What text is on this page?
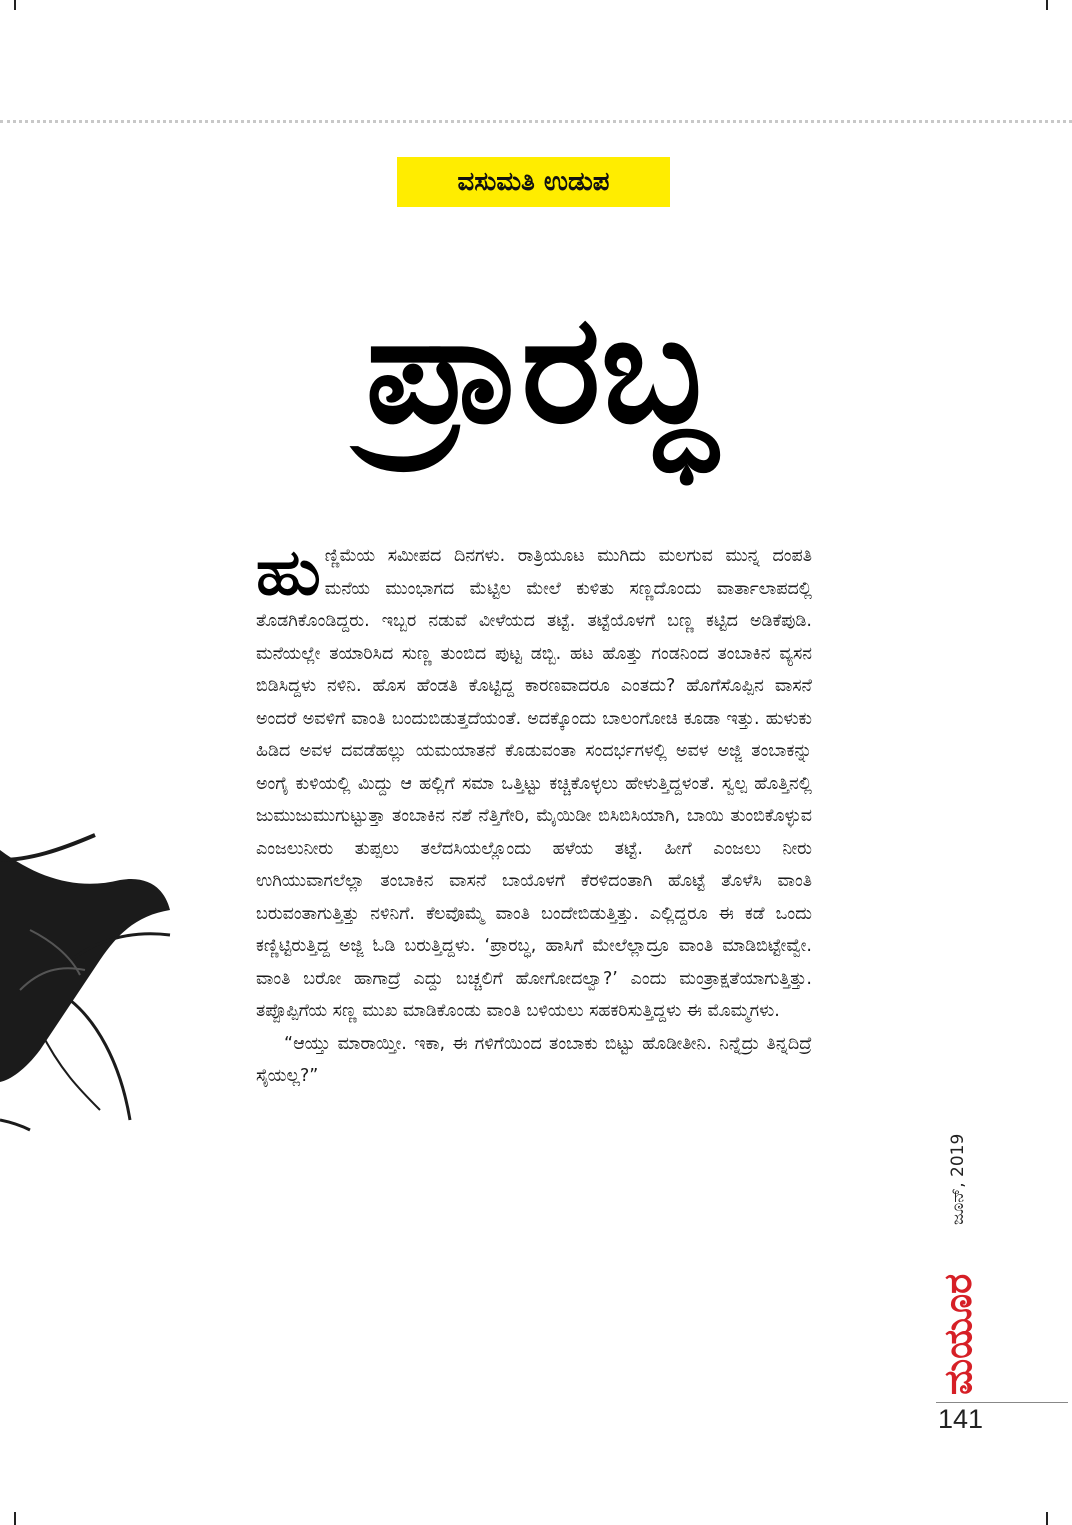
ವಸುಮತಿ ಉಡುಪ
ಪ್ರಾರಬ್ಧ

ಹುಣ್ಣಿಮೆಯ ಸಮೀಪದ ದಿನಗಳು. ರಾತ್ರಿಯೂಟ ಮುಗಿದು ಮಲಗುವ ಮುನ್ನ ದಂಪತಿ ಮನೆಯ ಮುಂಭಾಗದ ಮೆಟ್ಟಿಲ ಮೇಲೆ ಕುಳಿತು ಸಣ್ಣದೊಂದು ವಾರ್ತಾಲಾಪದಲ್ಲಿ ತೊಡಗಿಕೊಂಡಿದ್ದರು. ಇಬ್ಬರ ನಡುವೆ ವೀಳೆಯದ ತಟ್ಟೆ. ತಟ್ಟೆಯೊಳಗೆ ಬಣ್ಣ ಕಟ್ಟಿದ ಅಡಿಕೆಪುಡಿ. ಮನೆಯಲ್ಲೇ ತಯಾರಿಸಿದ ಸುಣ್ಣ ತುಂಬಿದ ಪುಟ್ಟ ಡಬ್ಬಿ. ಹಟ ಹೊತ್ತು ಗಂಡನಿಂದ ತಂಬಾಕಿನ ವ್ಯಸನ ಬಿಡಿಸಿದ್ದಳು ನಳಿನಿ. ಹೊಸ ಹೆಂಡತಿ ಕೊಟ್ಟಿದ್ದ ಕಾರಣವಾದರೂ ಎಂತದು? ಹೊಗೆಸೊಪ್ಪಿನ ವಾಸನೆ ಅಂದರೆ ಅವಳಿಗೆ ವಾಂತಿ ಬಂದುಬಿಡುತ್ತದೆಯಂತೆ. ಅದಕ್ಕೊಂದು ಬಾಲಂಗೋಚಿ ಕೂಡಾ ಇತ್ತು. ಹುಳುಕು ಹಿಡಿದ ಅವಳ ದವಡೆಹಲ್ಲು ಯಮಯಾತನೆ ಕೊಡುವಂತಾ ಸಂದರ್ಭಗಳಲ್ಲಿ ಅವಳ ಅಜ್ಜಿ ತಂಬಾಕನ್ನು ಅಂಗೈ ಕುಳಿಯಲ್ಲಿ ಮಿದ್ದು ಆ ಹಲ್ಲಿಗೆ ಸಮಾ ಒತ್ತಿಟ್ಟು ಕಚ್ಚಿಕೊಳ್ಳಲು ಹೇಳುತ್ತಿದ್ದಳಂತೆ. ಸ್ವಲ್ಪ ಹೊತ್ತಿನಲ್ಲಿ ಜುಮುಜುಮುಗುಟ್ಟುತ್ತಾ ತಂಬಾಕಿನ ನಶೆ ನೆತ್ತಿಗೇರಿ, ಮೈಯಿಡೀ ಬಿಸಿಬಿಸಿಯಾಗಿ, ಬಾಯಿ ತುಂಬಿಕೊಳ್ಳುವ ಎಂಜಲುನೀರು ತುಪ್ಪಲು ತಲೆದಸಿಯಲ್ಲೊಂದು ಹಳೆಯ ತಟ್ಟೆ. ಹೀಗೆ ಎಂಜಲು ನೀರು ಉಗಿಯುವಾಗಲೆಲ್ಲಾ ತಂಬಾಕಿನ ವಾಸನೆ ಬಾಯೊಳಗೆ ಕೆರಳಿದಂತಾಗಿ ಹೊಟ್ಟೆ ತೊಳೆಸಿ ವಾಂತಿ ಬರುವಂತಾಗುತ್ತಿತ್ತು ನಳಿನಿಗೆ. ಕೆಲವೊಮ್ಮೆ ವಾಂತಿ ಬಂದೇಬಿಡುತ್ತಿತ್ತು. ಎಲ್ಲಿದ್ದರೂ ಈ ಕಡೆ ಒಂದು ಕಣ್ಣಿಟ್ಟಿರುತ್ತಿದ್ದ ಅಜ್ಜಿ ಓಡಿ ಬರುತ್ತಿದ್ದಳು. ‘ಪ್ರಾರಬ್ಧ, ಹಾಸಿಗೆ ಮೇಲೆಲ್ಲಾದ್ರೂ ವಾಂತಿ ಮಾಡಿಬಿಟ್ಟೇವ್ವೇ. ವಾಂತಿ ಬರೋ ಹಾಗಾದ್ರೆ ಎದ್ದು ಬಚ್ಚಲಿಗೆ ಹೋಗೋದಲ್ವಾ?’ ಎಂದು ಮಂತ್ರಾಕ್ಷತೆಯಾಗುತ್ತಿತ್ತು. ತಪ್ಪೊಪ್ಪಿಗೆಯ ಸಣ್ಣ ಮುಖ ಮಾಡಿಕೊಂಡು ವಾಂತಿ ಬಳಿಯಲು ಸಹಕರಿಸುತ್ತಿದ್ದಳು ಈ ಮೊಮ್ಮಗಳು.

“ಆಯ್ತು ಮಾರಾಯ್ತೀ. ಇಕಾ, ಈ ಗಳಿಗೆಯಿಂದ ತಂಬಾಕು ಬಿಟ್ಟು ಹೊಡೀತೀನಿ. ನಿನ್ನೆದ್ರು ತಿನ್ನದಿದ್ರೆ ಸೈಯಲ್ಲ?”

ಜೂನ್, 2019
ಮಯೂರ
141
